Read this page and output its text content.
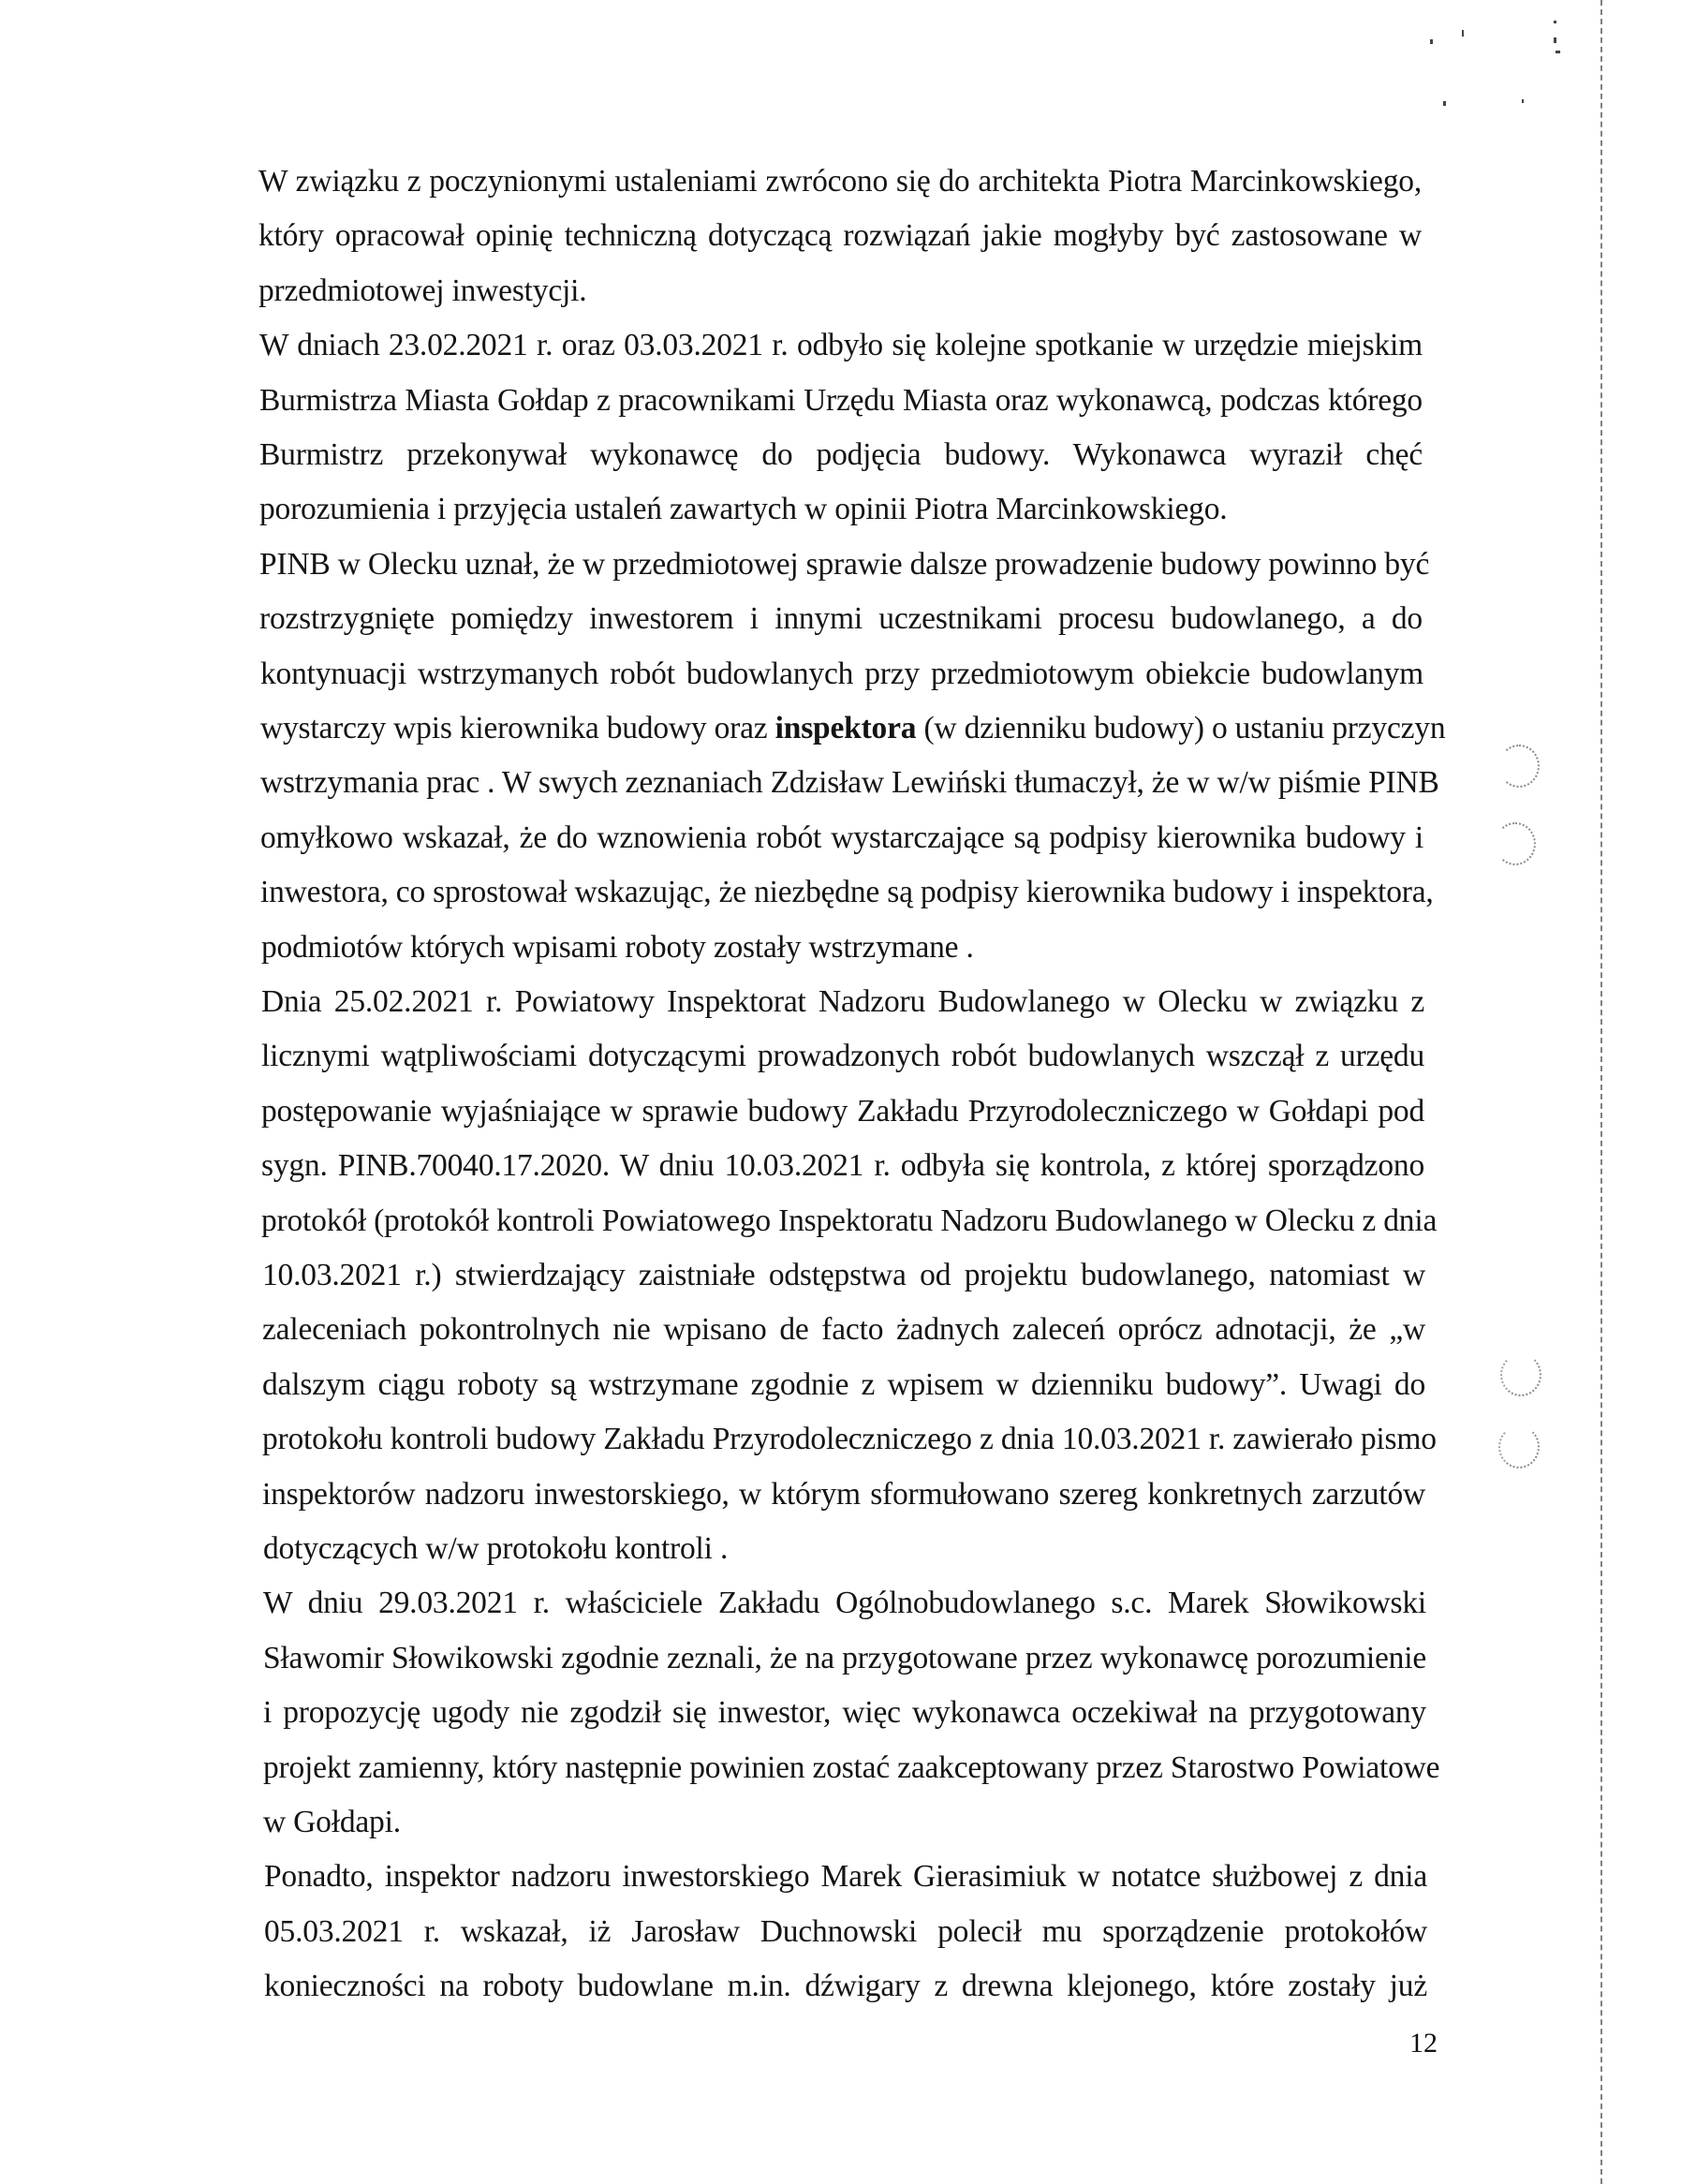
W związku z poczynionymi ustaleniami zwrócono się do architekta Piotra Marcinkowskiego,
który opracował opinię techniczną dotyczącą rozwiązań jakie mogłyby być zastosowane w
przedmiotowej inwestycji.
W dniach 23.02.2021 r. oraz 03.03.2021 r. odbyło się kolejne spotkanie w urzędzie miejskim
Burmistrza Miasta Gołdap z pracownikami Urzędu Miasta oraz wykonawcą, podczas którego
Burmistrz przekonywał wykonawcę do podjęcia budowy. Wykonawca wyraził chęć
porozumienia i przyjęcia ustaleń zawartych w opinii Piotra Marcinkowskiego.
PINB w Olecku uznał, że w przedmiotowej sprawie dalsze prowadzenie budowy powinno być
rozstrzygnięte pomiędzy inwestorem i innymi uczestnikami procesu budowlanego, a do
kontynuacji wstrzymanych robót budowlanych przy przedmiotowym obiekcie budowlanym
wystarczy wpis kierownika budowy oraz inspektora (w dzienniku budowy) o ustaniu przyczyn
wstrzymania prac . W swych zeznaniach Zdzisław Lewiński tłumaczył, że w w/w piśmie PINB
omyłkowo wskazał, że do wznowienia robót wystarczające są podpisy kierownika budowy i
inwestora, co sprostował wskazując, że niezbędne są podpisy kierownika budowy i inspektora,
podmiotów których wpisami roboty zostały wstrzymane .
Dnia 25.02.2021 r. Powiatowy Inspektorat Nadzoru Budowlanego w Olecku w związku z
licznymi wątpliwościami dotyczącymi prowadzonych robót budowlanych wszczął z urzędu
postępowanie wyjaśniające w sprawie budowy Zakładu Przyrodoleczniczego w Gołdapi pod
sygn. PINB.70040.17.2020. W dniu 10.03.2021 r. odbyła się kontrola, z której sporządzono
protokół (protokół kontroli Powiatowego Inspektoratu Nadzoru Budowlanego w Olecku z dnia
10.03.2021 r.) stwierdzający zaistniałe odstępstwa od projektu budowlanego, natomiast w
zaleceniach pokontrolnych nie wpisano de facto żadnych zaleceń oprócz adnotacji, że „w
dalszym ciągu roboty są wstrzymane zgodnie z wpisem w dzienniku budowy”. Uwagi do
protokołu kontroli budowy Zakładu Przyrodoleczniczego z dnia 10.03.2021 r. zawierało pismo
inspektorów nadzoru inwestorskiego, w którym sformułowano szereg konkretnych zarzutów
dotyczących w/w protokołu kontroli .
W dniu 29.03.2021 r. właściciele Zakładu Ogólnobudowlanego s.c. Marek Słowikowski
Sławomir Słowikowski zgodnie zeznali, że na przygotowane przez wykonawcę porozumienie
i propozycję ugody nie zgodził się inwestor, więc wykonawca oczekiwał na przygotowany
projekt zamienny, który następnie powinien zostać zaakceptowany przez Starostwo Powiatowe
w Gołdapi.
Ponadto, inspektor nadzoru inwestorskiego Marek Gierasimiuk w notatce służbowej z dnia
05.03.2021 r. wskazał, iż Jarosław Duchnowski polecił mu sporządzenie protokołów
konieczności na roboty budowlane m.in. dźwigary z drewna klejonego, które zostały już
12
